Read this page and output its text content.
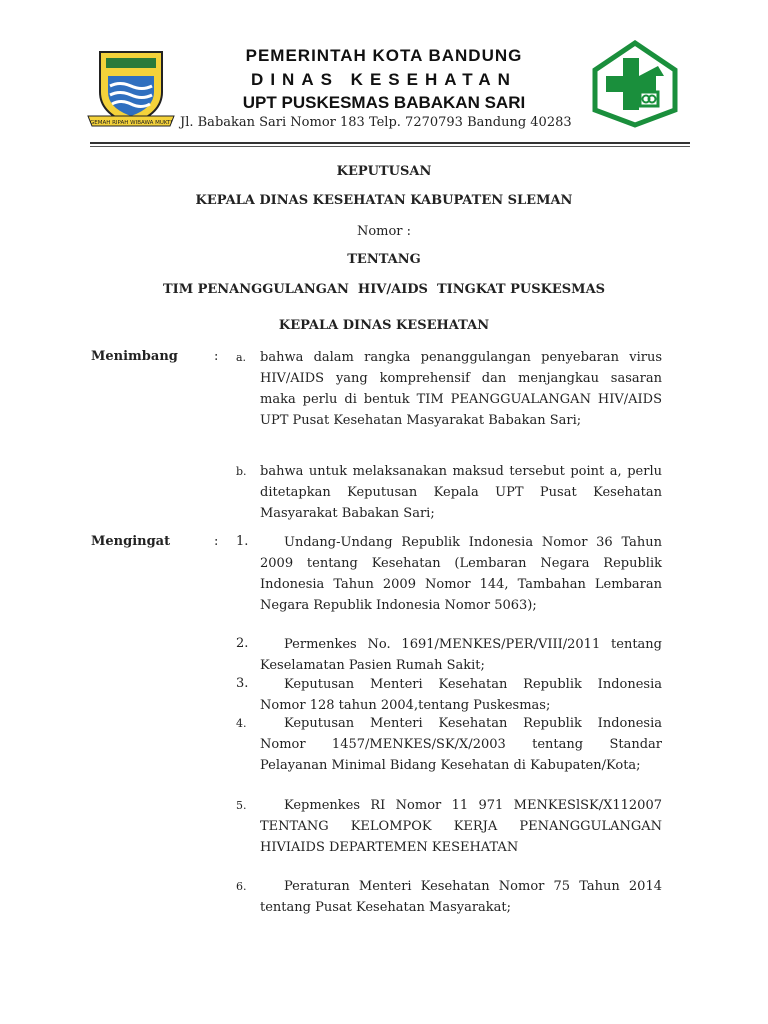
GEMAH RIPAH WIBAWA MUKTI
PEMERINTAH KOTA BANDUNG
DINAS KESEHATAN
UPT PUSKESMAS BABAKAN SARI
Jl. Babakan Sari Nomor 183 Telp. 7270793 Bandung 40283
KEPUTUSAN
KEPALA DINAS KESEHATAN KABUPATEN SLEMAN
Nomor :
TENTANG
TIM PENANGGULANGAN  HIV/AIDS  TINGKAT PUSKESMAS
KEPALA DINAS KESEHATAN
Menimbang	: a. bahwa dalam rangka penanggulangan penyebaran virus HIV/AIDS yang komprehensif dan menjangkau sasaran maka perlu di bentuk TIM PEANGGUALANGAN HIV/AIDS UPT Pusat Kesehatan Masyarakat Babakan Sari;

b. bahwa untuk melaksanakan maksud tersebut point a, perlu ditetapkan Keputusan Kepala UPT Pusat Kesehatan Masyarakat Babakan Sari;

Mengingat	: 1.	Undang-Undang Republik Indonesia Nomor 36 Tahun 2009 tentang Kesehatan (Lembaran Negara Republik Indonesia Tahun 2009 Nomor 144, Tambahan Lembaran Negara Republik Indonesia Nomor 5063);

2.	Permenkes No. 1691/MENKES/PER/VIII/2011 tentang Keselamatan Pasien Rumah Sakit;

3.	Keputusan Menteri Kesehatan Republik Indonesia Nomor 128 tahun 2004,tentang Puskesmas;

4.	Keputusan Menteri Kesehatan Republik Indonesia Nomor 1457/MENKES/SK/X/2003 tentang Standar Pelayanan Minimal Bidang Kesehatan di Kabupaten/Kota;

5.	Kepmenkes RI Nomor 11 971 MENKESlSK/X112007 TENTANG KELOMPOK KERJA PENANGGULANGAN HIVIAIDS DEPARTEMEN KESEHATAN

6.	Peraturan Menteri Kesehatan Nomor 75 Tahun 2014 tentang Pusat Kesehatan Masyarakat;
